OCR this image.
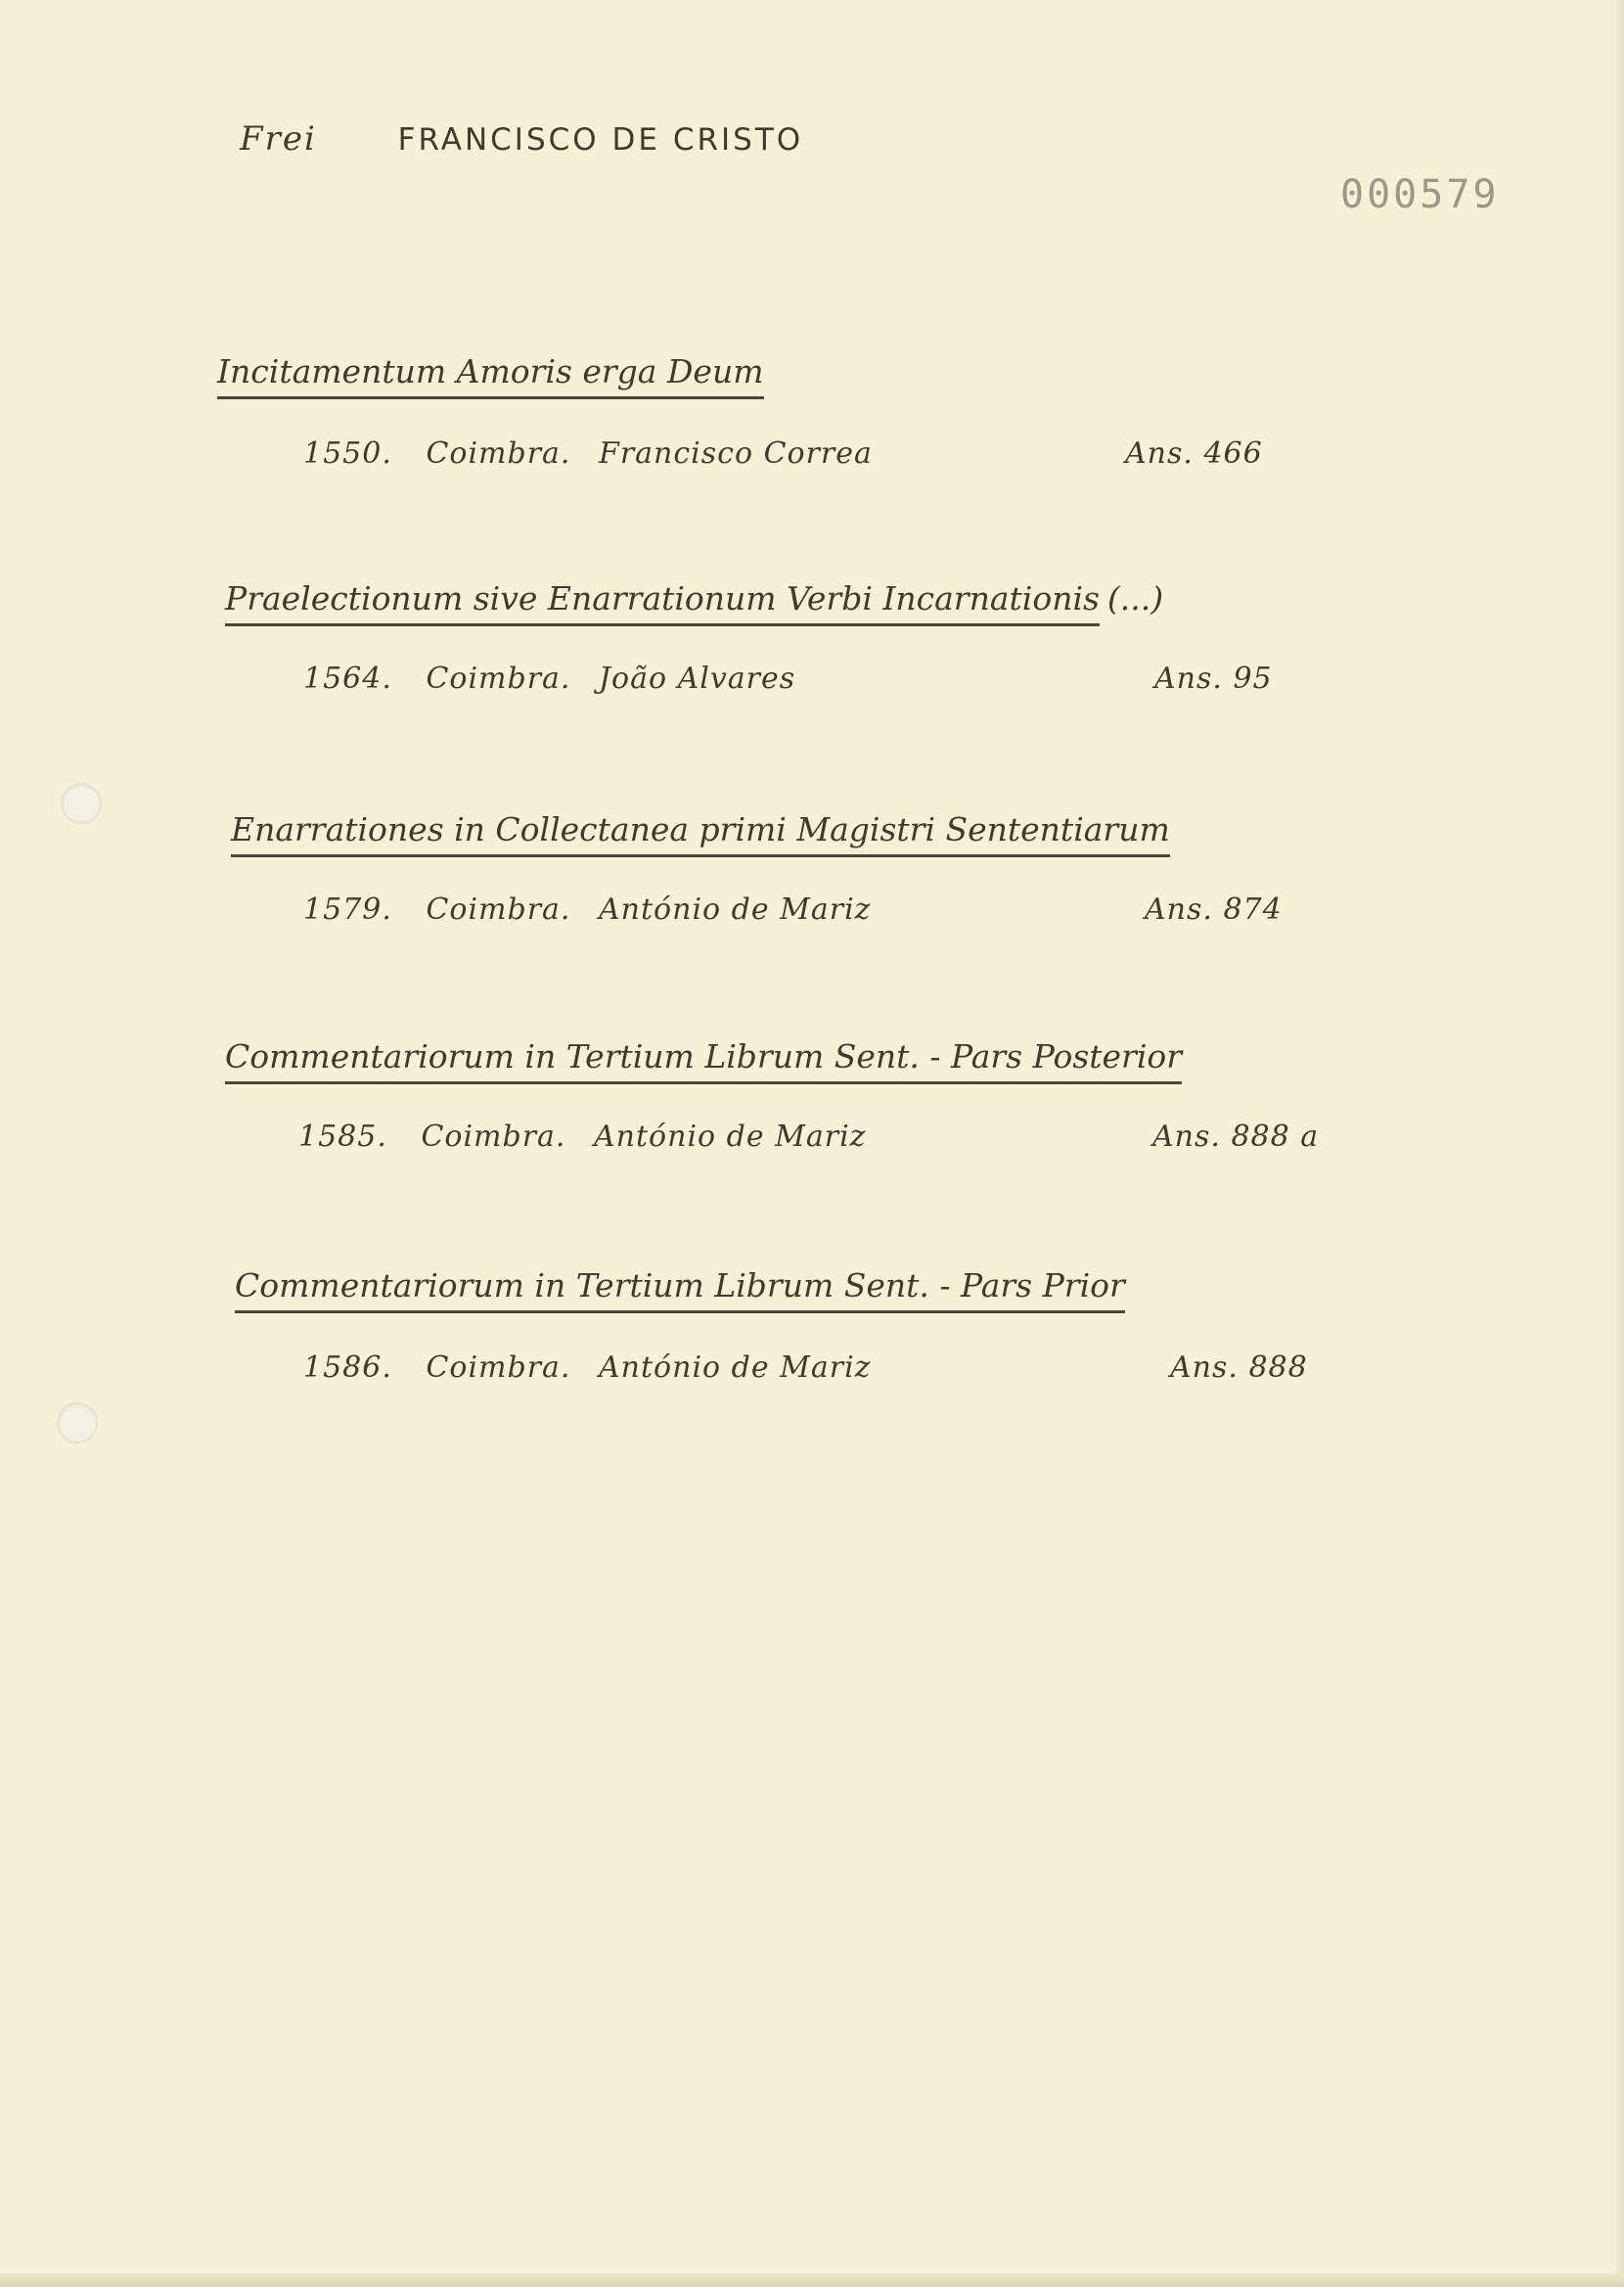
Frei	FRANCISCO DE CRISTO
000579
Incitamentum Amoris erga Deum
1550. Coimbra. Francisco Correa	Ans. 466
Praelectionum sive Enarrationum Verbi Incarnationis (...)
1564. Coimbra. João Alvares	Ans. 95
Enarrationes in Collectanea primi Magistri Sententiarum
1579. Coimbra. António de Mariz	Ans. 874
Commentariorum in Tertium Librum Sent. - Pars Posterior
1585. Coimbra. António de Mariz	Ans. 888 a
Commentariorum in Tertium Librum Sent. - Pars Prior
1586. Coimbra. António de Mariz	Ans. 888
